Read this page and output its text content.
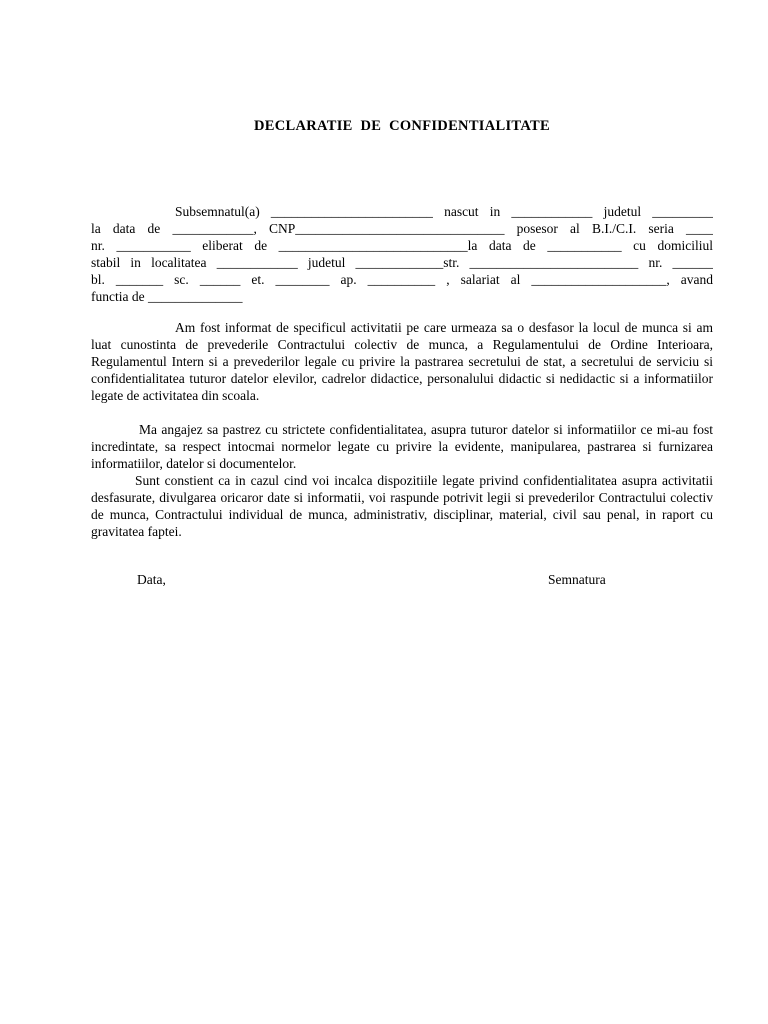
DECLARATIE  DE  CONFIDENTIALITATE
Subsemnatul(a) ________________________ nascut in ____________ judetul _________
la data de ____________, CNP_______________________________ posesor al B.I./C.I. seria ____
nr. ___________ eliberat de ____________________________la data de ___________ cu domiciliul
stabil in localitatea ____________ judetul _____________str. _________________________ nr. ______
bl. _______ sc. ______ et. ________ ap. __________ , salariat al ____________________, avand
functia de ______________
Am fost informat de specificul activitatii pe care urmeaza sa o desfasor la locul de munca si am luat cunostinta de prevederile Contractului colectiv de munca, a Regulamentului de Ordine Interioara, Regulamentul Intern si a prevederilor legale cu privire la pastrarea secretului de stat, a secretului de serviciu si confidentialitatea tuturor datelor elevilor, cadrelor didactice, personalului didactic si nedidactic si a informatiilor legate de activitatea din scoala.
Ma angajez sa pastrez cu strictete confidentialitatea, asupra tuturor datelor si informatiilor ce mi-au fost incredintate, sa respect intocmai normelor legate cu privire la evidente, manipularea, pastrarea si furnizarea informatiilor, datelor si documentelor.
Sunt constient ca in cazul cind voi incalca dispozitiile legate privind confidentialitatea asupra activitatii desfasurate, divulgarea oricaror date si informatii, voi raspunde potrivit legii si prevederilor Contractului colectiv de munca, Contractului individual de munca, administrativ, disciplinar, material, civil sau penal, in raport cu gravitatea faptei.
Data,	Semnatura
